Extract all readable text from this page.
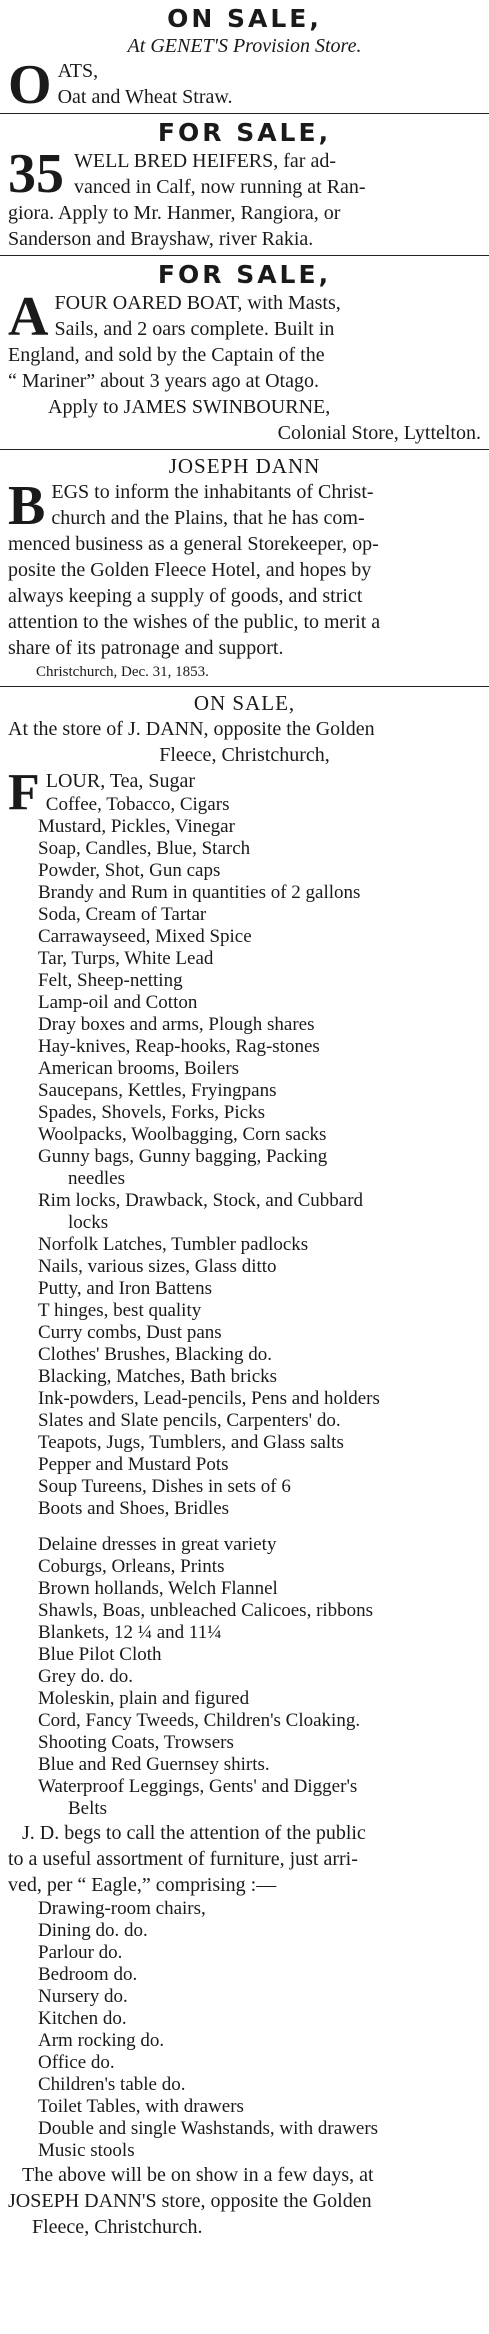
ON SALE,
At GENET'S Provision Store.
O ATS,
Oat and Wheat Straw.
FOR SALE,
35 WELL BRED HEIFERS, far ad-
vanced in Calf, now running at Ran-
giora. Apply to Mr. Hanmer, Rangiora, or
Sanderson and Brayshaw, river Rakia.
FOR SALE,
A FOUR OARED BOAT, with Masts,
Sails, and 2 oars complete. Built in
England, and sold by the Captain of the
“ Mariner” about 3 years ago at Otago.
Apply to JAMES SWINBOURNE,
Colonial Store, Lyttelton.
JOSEPH DANN
B EGS to inform the inhabitants of Christ-
church and the Plains, that he has com-
menced business as a general Storekeeper, op-
posite the Golden Fleece Hotel, and hopes by
always keeping a supply of goods, and strict
attention to the wishes of the public, to merit a
share of its patronage and support.
Christchurch, Dec. 31, 1853.
ON SALE,
At the store of J. DANN, opposite the Golden
Fleece, Christchurch,
F LOUR, Tea, Sugar
Coffee, Tobacco, Cigars
Mustard, Pickles, Vinegar
Soap, Candles, Blue, Starch
Powder, Shot, Gun caps
Brandy and Rum in quantities of 2 gallons
Soda, Cream of Tartar
Carrawayseed, Mixed Spice
Tar, Turps, White Lead
Felt, Sheep-netting
Lamp-oil and Cotton
Dray boxes and arms, Plough shares
Hay-knives, Reap-hooks, Rag-stones
American brooms, Boilers
Saucepans, Kettles, Fryingpans
Spades, Shovels, Forks, Picks
Woolpacks, Woolbagging, Corn sacks
Gunny bags, Gunny bagging, Packing
needles
Rim locks, Drawback, Stock, and Cubbard
locks
Norfolk Latches, Tumbler padlocks
Nails, various sizes, Glass ditto
Putty, and Iron Battens
T hinges, best quality
Curry combs, Dust pans
Clothes' Brushes, Blacking do.
Blacking, Matches, Bath bricks
Ink-powders, Lead-pencils, Pens and holders
Slates and Slate pencils, Carpenters' do.
Teapots, Jugs, Tumblers, and Glass salts
Pepper and Mustard Pots
Soup Tureens, Dishes in sets of 6
Boots and Shoes, Bridles
Delaine dresses in great variety
Coburgs, Orleans, Prints
Brown hollands, Welch Flannel
Shawls, Boas, unbleached Calicoes, ribbons
Blankets, 12 ¼ and 11¼
Blue Pilot Cloth
Grey do. do.
Moleskin, plain and figured
Cord, Fancy Tweeds, Children's Cloaking.
Shooting Coats, Trowsers
Blue and Red Guernsey shirts.
Waterproof Leggings, Gents' and Digger's
Belts
J. D. begs to call the attention of the public
to a useful assortment of furniture, just arri-
ved, per “ Eagle,” comprising :—
Drawing-room chairs,
Dining do. do.
Parlour do.
Bedroom do.
Nursery do.
Kitchen do.
Arm rocking do.
Office do.
Children's table do.
Toilet Tables, with drawers
Double and single Washstands, with drawers
Music stools
The above will be on show in a few days, at
JOSEPH DANN'S store, opposite the Golden
Fleece, Christchurch.
